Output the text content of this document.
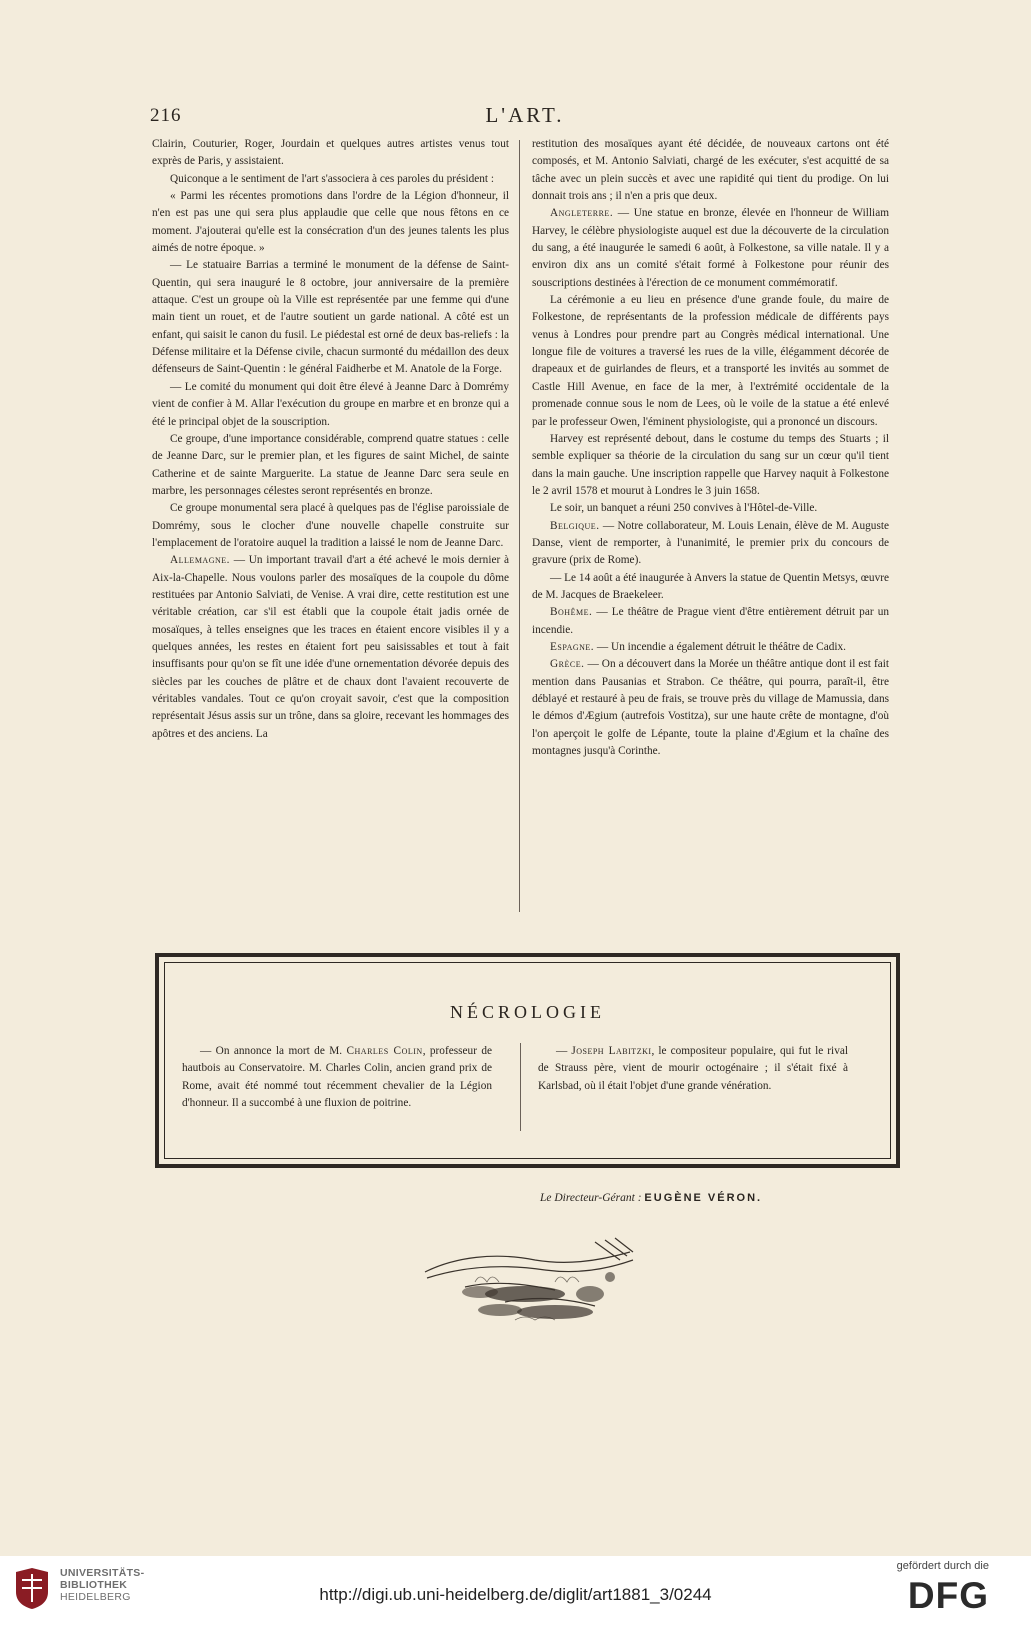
216	L'ART.

Clairin, Couturier, Roger, Jourdain et quelques autres artistes venus tout exprès de Paris, y assistaient.

Quiconque a le sentiment de l'art s'associera à ces paroles du président :

« Parmi les récentes promotions dans l'ordre de la Légion d'honneur, il n'en est pas une qui sera plus applaudie que celle que nous fêtons en ce moment. J'ajouterai qu'elle est la consécration d'un des jeunes talents les plus aimés de notre époque. »

— Le statuaire Barrias a terminé le monument de la défense de Saint-Quentin, qui sera inauguré le 8 octobre, jour anniversaire de la première attaque. C'est un groupe où la Ville est représentée par une femme qui d'une main tient un rouet, et de l'autre soutient un garde national. A côté est un enfant, qui saisit le canon du fusil. Le piédestal est orné de deux bas-reliefs : la Défense militaire et la Défense civile, chacun surmonté du médaillon des deux défenseurs de Saint-Quentin : le général Faidherbe et M. Anatole de la Forge.

— Le comité du monument qui doit être élevé à Jeanne Darc à Domrémy vient de confier à M. Allar l'exécution du groupe en marbre et en bronze qui a été le principal objet de la souscription.

Ce groupe, d'une importance considérable, comprend quatre statues : celle de Jeanne Darc, sur le premier plan, et les figures de saint Michel, de sainte Catherine et de sainte Marguerite. La statue de Jeanne Darc sera seule en marbre, les personnages célestes seront représentés en bronze.

Ce groupe monumental sera placé à quelques pas de l'église paroissiale de Domrémy, sous le clocher d'une nouvelle chapelle construite sur l'emplacement de l'oratoire auquel la tradition a laissé le nom de Jeanne Darc.

Allemagne. — Un important travail d'art a été achevé le mois dernier à Aix-la-Chapelle. Nous voulons parler des mosaïques de la coupole du dôme restituées par Antonio Salviati, de Venise. A vrai dire, cette restitution est une véritable création, car s'il est établi que la coupole était jadis ornée de mosaïques, à telles enseignes que les traces en étaient encore visibles il y a quelques années, les restes en étaient fort peu saisissables et tout à fait insuffisants pour qu'on se fît une idée d'une ornementation dévorée depuis des siècles par les couches de plâtre et de chaux dont l'avaient recouverte de véritables vandales. Tout ce qu'on croyait savoir, c'est que la composition représentait Jésus assis sur un trône, dans sa gloire, recevant les hommages des apôtres et des anciens. La

restitution des mosaïques ayant été décidée, de nouveaux cartons ont été composés, et M. Antonio Salviati, chargé de les exécuter, s'est acquitté de sa tâche avec un plein succès et avec une rapidité qui tient du prodige. On lui donnait trois ans ; il n'en a pris que deux.

Angleterre. — Une statue en bronze, élevée en l'honneur de William Harvey, le célèbre physiologiste auquel est due la découverte de la circulation du sang, a été inaugurée le samedi 6 août, à Folkestone, sa ville natale. Il y a environ dix ans un comité s'était formé à Folkestone pour réunir des souscriptions destinées à l'érection de ce monument commémoratif.

La cérémonie a eu lieu en présence d'une grande foule, du maire de Folkestone, de représentants de la profession médicale de différents pays venus à Londres pour prendre part au Congrès médical international. Une longue file de voitures a traversé les rues de la ville, élégamment décorée de drapeaux et de guirlandes de fleurs, et a transporté les invités au sommet de Castle Hill Avenue, en face de la mer, à l'extrémité occidentale de la promenade connue sous le nom de Lees, où le voile de la statue a été enlevé par le professeur Owen, l'éminent physiologiste, qui a prononcé un discours.

Harvey est représenté debout, dans le costume du temps des Stuarts ; il semble expliquer sa théorie de la circulation du sang sur un cœur qu'il tient dans la main gauche. Une inscription rappelle que Harvey naquit à Folkestone le 2 avril 1578 et mourut à Londres le 3 juin 1658.

Le soir, un banquet a réuni 250 convives à l'Hôtel-de-Ville.

Belgique. — Notre collaborateur, M. Louis Lenain, élève de M. Auguste Danse, vient de remporter, à l'unanimité, le premier prix du concours de gravure (prix de Rome).

— Le 14 août a été inaugurée à Anvers la statue de Quentin Metsys, œuvre de M. Jacques de Braekeleer.

Bohême. — Le théâtre de Prague vient d'être entièrement détruit par un incendie.

Espagne. — Un incendie a également détruit le théâtre de Cadix.

Grèce. — On a découvert dans la Morée un théâtre antique dont il est fait mention dans Pausanias et Strabon. Ce théâtre, qui pourra, paraît-il, être déblayé et restauré à peu de frais, se trouve près du village de Mamussia, dans le démos d'Ægium (autrefois Vostitza), sur une haute crête de montagne, d'où l'on aperçoit le golfe de Lépante, toute la plaine d'Ægium et la chaîne des montagnes jusqu'à Corinthe.

NÉCROLOGIE

— On annonce la mort de M. Charles Colin, professeur de hautbois au Conservatoire. M. Charles Colin, ancien grand prix de Rome, avait été nommé tout récemment chevalier de la Légion d'honneur. Il a succombé à une fluxion de poitrine.

— Joseph Labitzki, le compositeur populaire, qui fut le rival de Strauss père, vient de mourir octogénaire ; il s'était fixé à Karlsbad, où il était l'objet d'une grande vénération.

Le Directeur-Gérant : EUGÈNE VÉRON.
UNIVERSITÄTS-
BIBLIOTHEK
HEIDELBERG	http://digi.ub.uni-heidelberg.de/diglit/art1881_3/0244
gefördert durch die
DFG
